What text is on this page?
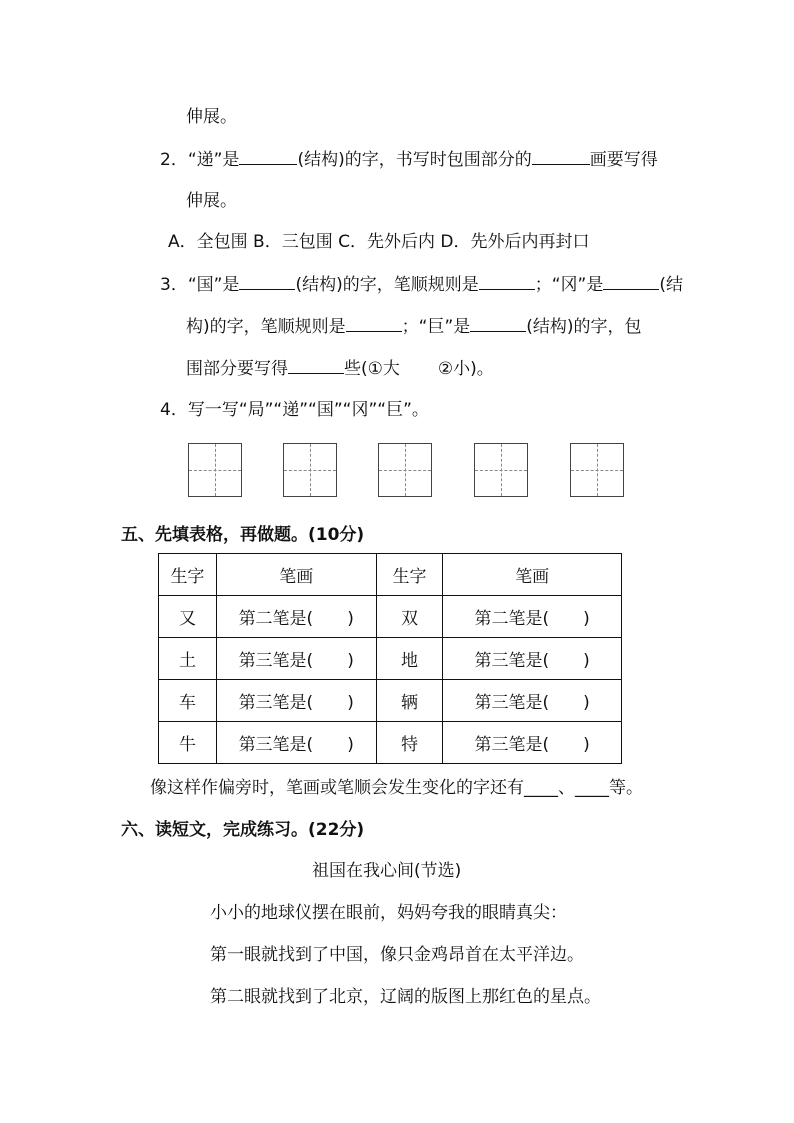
伸展。
2．“递”是	(结构)的字，书写时包围部分的	画要写得
伸展。
A．全包围 B．三包围 C．先外后内 D．先外后内再封口
3．“国”是	(结构)的字，笔顺规则是	；“冈”是	(结
构)的字，笔顺规则是	；“巨”是	(结构)的字，包
围部分要写得	些(①大 ②小)。
4．写一写“局”“递”“国”“冈”“巨”。
五、先填表格，再做题。(10分)
生字	笔画	生字	笔画
又	第二笔是(　　)	双	第二笔是(　　)
土	第三笔是(　　)	地	第三笔是(　　)
车	第三笔是(　　)	辆	第三笔是(　　)
牛	第三笔是(　　)	特	第三笔是(　　)
像这样作偏旁时，笔画或笔顺会发生变化的字还有____、____等。
六、读短文，完成练习。(22分)
祖国在我心间(节选)
小小的地球仪摆在眼前，妈妈夸我的眼睛真尖：
第一眼就找到了中国，像只金鸡昂首在太平洋边。
第二眼就找到了北京，辽阔的版图上那红色的星点。
